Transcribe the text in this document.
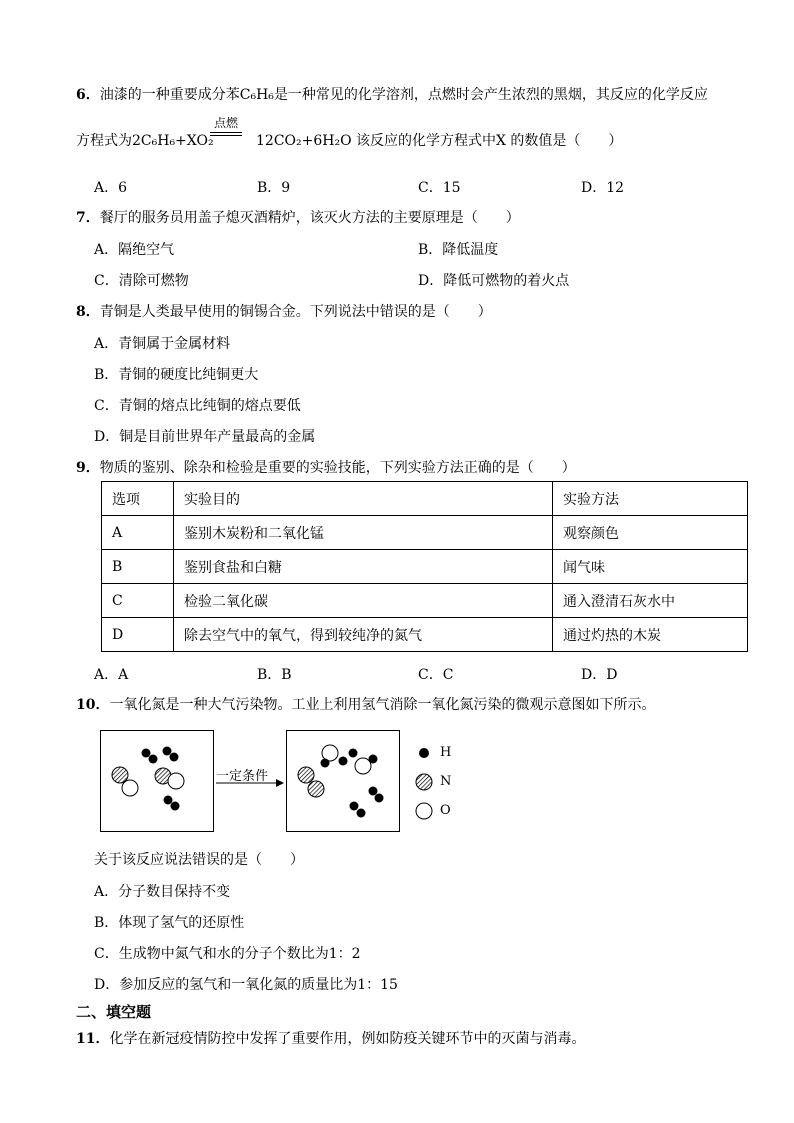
6．油漆的一种重要成分苯C₆H₆是一种常见的化学溶剂，点燃时会产生浓烈的黑烟，其反应的化学反应
方程式为2C₆H₆+XO₂
点燃
12CO₂+6H₂O 该反应的化学方程式中X 的数值是（　　）
A．6	B．9	C．15	D．12
7．餐厅的服务员用盖子熄灭酒精炉，该灭火方法的主要原理是（　　）
A．隔绝空气	B．降低温度
C．清除可燃物	D．降低可燃物的着火点
8．青铜是人类最早使用的铜锡合金。下列说法中错误的是（　　）
A．青铜属于金属材料
B．青铜的硬度比纯铜更大
C．青铜的熔点比纯铜的熔点要低
D．铜是目前世界年产量最高的金属
9．物质的鉴别、除杂和检验是重要的实验技能，下列实验方法正确的是（　　）
选项	实验目的	实验方法
A	鉴别木炭粉和二氧化锰	观察颜色
B	鉴别食盐和白糖	闻气味
C	检验二氧化碳	通入澄清石灰水中
D	除去空气中的氧气，得到较纯净的氮气	通过灼热的木炭
A．A	B．B	C．C	D．D
10．一氧化氮是一种大气污染物。工业上利用氢气消除一氧化氮污染的微观示意图如下所示。
一定条件
H
N
O
关于该反应说法错误的是（　　）
A．分子数目保持不变
B．体现了氢气的还原性
C．生成物中氮气和水的分子个数比为1：2
D．参加反应的氢气和一氧化氮的质量比为1：15
二、填空题
11．化学在新冠疫情防控中发挥了重要作用，例如防疫关键环节中的灭菌与消毒。
